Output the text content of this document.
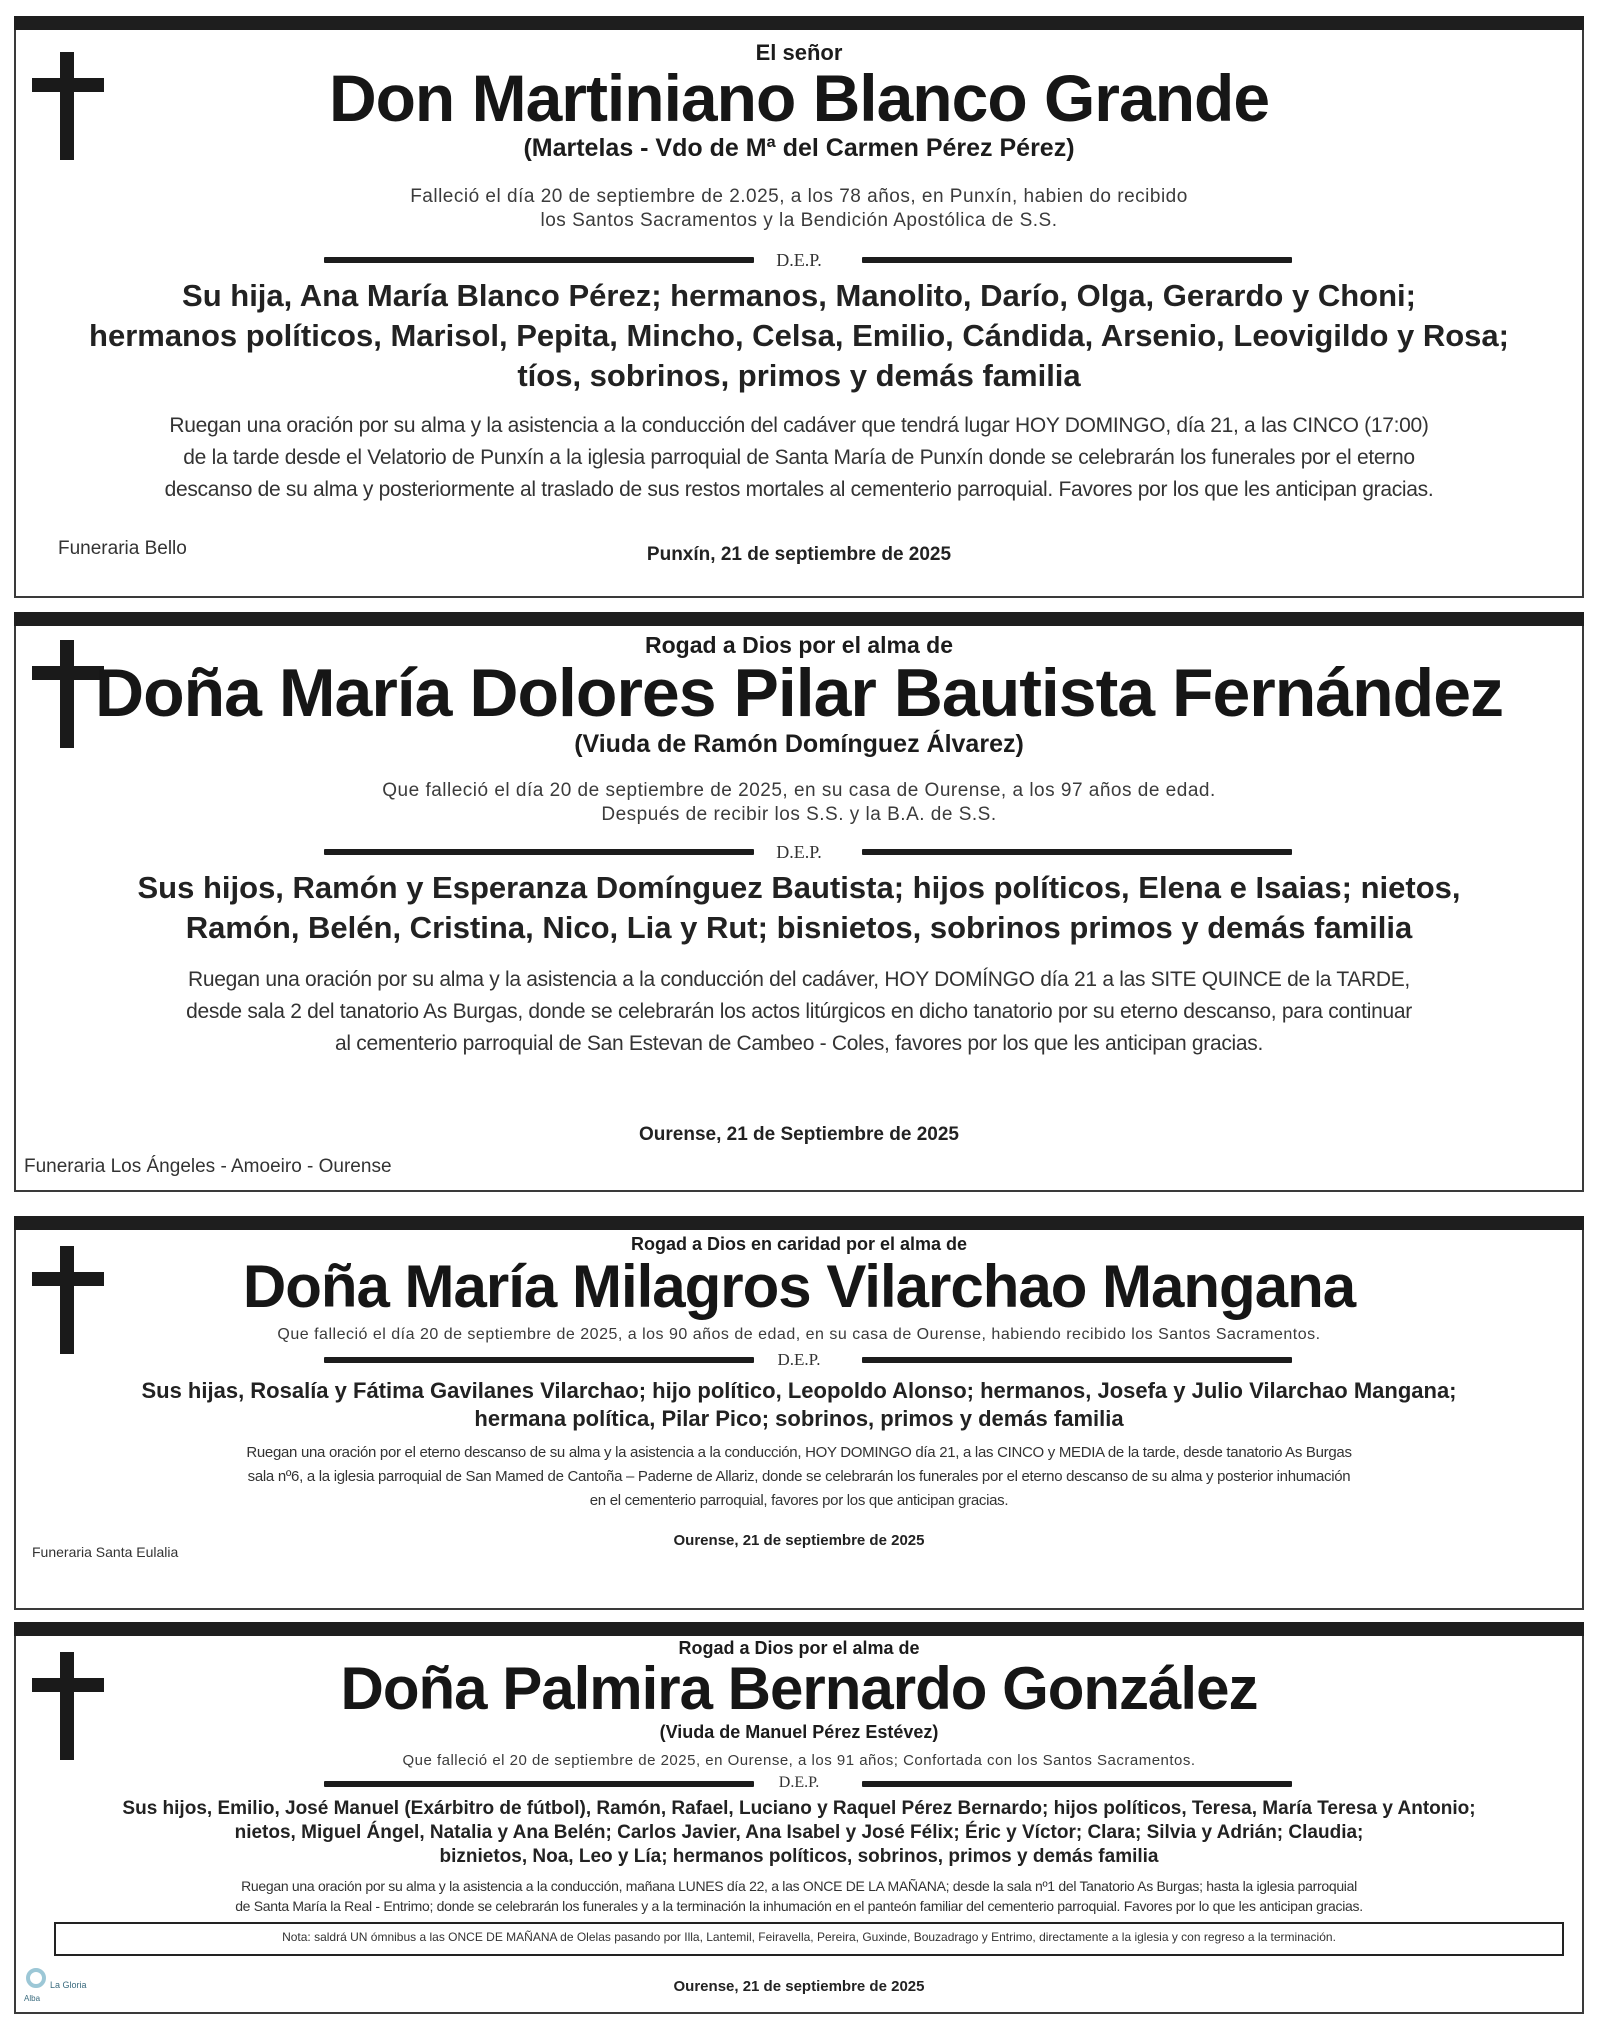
El señor
Don Martiniano Blanco Grande
(Martelas - Vdo de Mª del Carmen Pérez Pérez)
Falleció el día 20 de septiembre de 2.025, a los 78 años, en Punxín, habien do recibido
los Santos Sacramentos y la Bendición Apostólica de S.S.
D.E.P.
Su hija, Ana María Blanco Pérez; hermanos, Manolito, Darío, Olga, Gerardo y Choni;
hermanos políticos, Marisol, Pepita, Mincho, Celsa, Emilio, Cándida, Arsenio, Leovigildo y Rosa;
tíos, sobrinos, primos y demás familia
Ruegan una oración por su alma y la asistencia a la conducción del cadáver que tendrá lugar HOY DOMINGO, día 21, a las CINCO (17:00)
de la tarde desde el Velatorio de Punxín a la iglesia parroquial de Santa María de Punxín donde se celebrarán los funerales por el eterno
descanso de su alma y posteriormente al traslado de sus restos mortales al cementerio parroquial. Favores por los que les anticipan gracias.
Funeraria Bello	Punxín, 21 de septiembre de 2025
Rogad a Dios por el alma de
Doña María Dolores Pilar Bautista Fernández
(Viuda de Ramón Domínguez Álvarez)
Que falleció el día 20 de septiembre de 2025, en su casa de Ourense, a los 97 años de edad.
Después de recibir los S.S. y la B.A. de S.S.
D.E.P.
Sus hijos, Ramón y Esperanza Domínguez Bautista; hijos políticos, Elena e Isaias; nietos,
Ramón, Belén, Cristina, Nico, Lia y Rut; bisnietos, sobrinos primos y demás familia
Ruegan una oración por su alma y la asistencia a la conducción del cadáver, HOY DOMÍNGO día 21 a las SITE QUINCE de la TARDE,
desde sala 2 del tanatorio As Burgas, donde se celebrarán los actos litúrgicos en dicho tanatorio por su eterno descanso, para continuar
al cementerio parroquial de San Estevan de Cambeo - Coles, favores por los que les anticipan gracias.
Ourense, 21 de Septiembre de 2025
Funeraria Los Ángeles - Amoeiro - Ourense
Rogad a Dios en caridad por el alma de
Doña María Milagros Vilarchao Mangana
Que falleció el día 20 de septiembre de 2025, a los 90 años de edad, en su casa de Ourense, habiendo recibido los Santos Sacramentos.
D.E.P.
Sus hijas, Rosalía y Fátima Gavilanes Vilarchao; hijo político, Leopoldo Alonso; hermanos, Josefa y Julio Vilarchao Mangana;
hermana política, Pilar Pico; sobrinos, primos y demás familia
Ruegan una oración por el eterno descanso de su alma y la asistencia a la conducción, HOY DOMINGO día 21, a las CINCO y MEDIA de la tarde, desde tanatorio As Burgas
sala nº6, a la iglesia parroquial de San Mamed de Cantoña – Paderne de Allariz, donde se celebrarán los funerales por el eterno descanso de su alma y posterior inhumación
en el cementerio parroquial, favores por los que anticipan gracias.
Ourense, 21 de septiembre de 2025
Funeraria Santa Eulalia
Rogad a Dios por el alma de
Doña Palmira Bernardo González
(Viuda de Manuel Pérez Estévez)
Que falleció el 20 de septiembre de 2025, en Ourense, a los 91 años; Confortada con los Santos Sacramentos.
D.E.P.
Sus hijos, Emilio, José Manuel (Exárbitro de fútbol), Ramón, Rafael, Luciano y Raquel Pérez Bernardo; hijos políticos, Teresa, María Teresa y Antonio;
nietos, Miguel Ángel, Natalia y Ana Belén; Carlos Javier, Ana Isabel y José Félix; Éric y Víctor; Clara; Silvia y Adrián; Claudia;
biznietos, Noa, Leo y Lía; hermanos políticos, sobrinos, primos y demás familia
Ruegan una oración por su alma y la asistencia a la conducción, mañana LUNES día 22, a las ONCE DE LA MAÑANA; desde la sala nº1 del Tanatorio As Burgas; hasta la iglesia parroquial
de Santa María la Real - Entrimo; donde se celebrarán los funerales y a la terminación la inhumación en el panteón familiar del cementerio parroquial. Favores por lo que les anticipan gracias.
Nota: saldrá UN ómnibus a las ONCE DE MAÑANA de Olelas pasando por Illa, Lantemil, Feiravella, Pereira, Guxinde, Bouzadrago y Entrimo, directamente a la iglesia y con regreso a la terminación.
La Gloria
Alba
Ourense, 21 de septiembre de 2025
